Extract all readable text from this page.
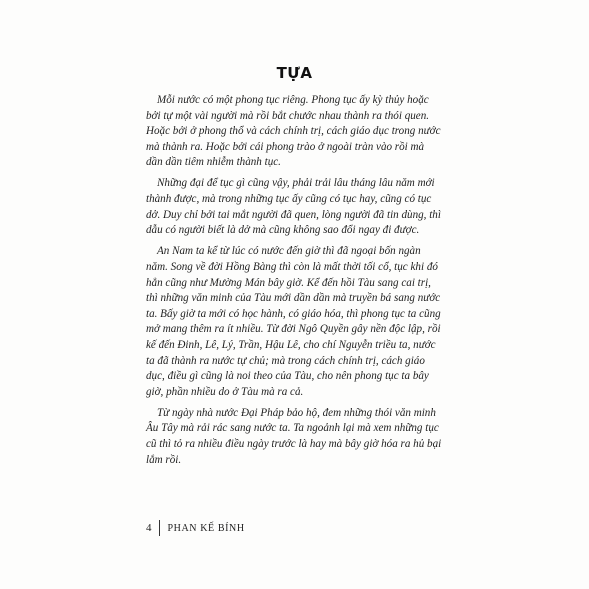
TỰA

Mỗi nước có một phong tục riêng. Phong tục ấy kỳ thủy hoặc bởi tự một vài người mà rồi bắt chước nhau thành ra thói quen. Hoặc bởi ở phong thổ và cách chính trị, cách giáo dục trong nước mà thành ra. Hoặc bởi cái phong trào ở ngoài tràn vào rồi mà dần dần tiêm nhiễm thành tục.

Những đại để tục gì cũng vậy, phải trải lâu tháng lâu năm mới thành được, mà trong những tục ấy cũng có tục hay, cũng có tục dở. Duy chỉ bởi tai mắt người đã quen, lòng người đã tin dùng, thì dẫu có người biết là dở mà cũng không sao đổi ngay đi được.

An Nam ta kể từ lúc có nước đến giờ thì đã ngoại bốn ngàn năm. Song về đời Hồng Bàng thì còn là mất thời tối cổ, tục khi đó hẳn cũng như Mường Mán bây giờ. Kể đến hồi Tàu sang cai trị, thì những văn minh của Tàu mới dần dần mà truyền bá sang nước ta. Bấy giờ ta mới có học hành, có giáo hóa, thì phong tục ta cũng mở mang thêm ra ít nhiều. Từ đời Ngô Quyền gây nền độc lập, rồi kế đến Đinh, Lê, Lý, Trần, Hậu Lê, cho chí Nguyễn triều ta, nước ta đã thành ra nước tự chủ; mà trong cách chính trị, cách giáo dục, điều gì cũng là noi theo của Tàu, cho nên phong tục ta bây giờ, phần nhiều do ở Tàu mà ra cả.

Từ ngày nhà nước Đại Pháp bảo hộ, đem những thói văn minh Âu Tây mà rải rác sang nước ta. Ta ngoảnh lại mà xem những tục cũ thì tỏ ra nhiều điều ngày trước là hay mà bây giờ hóa ra hủ bại lắm rồi.

4	PHAN KẾ BÍNH
